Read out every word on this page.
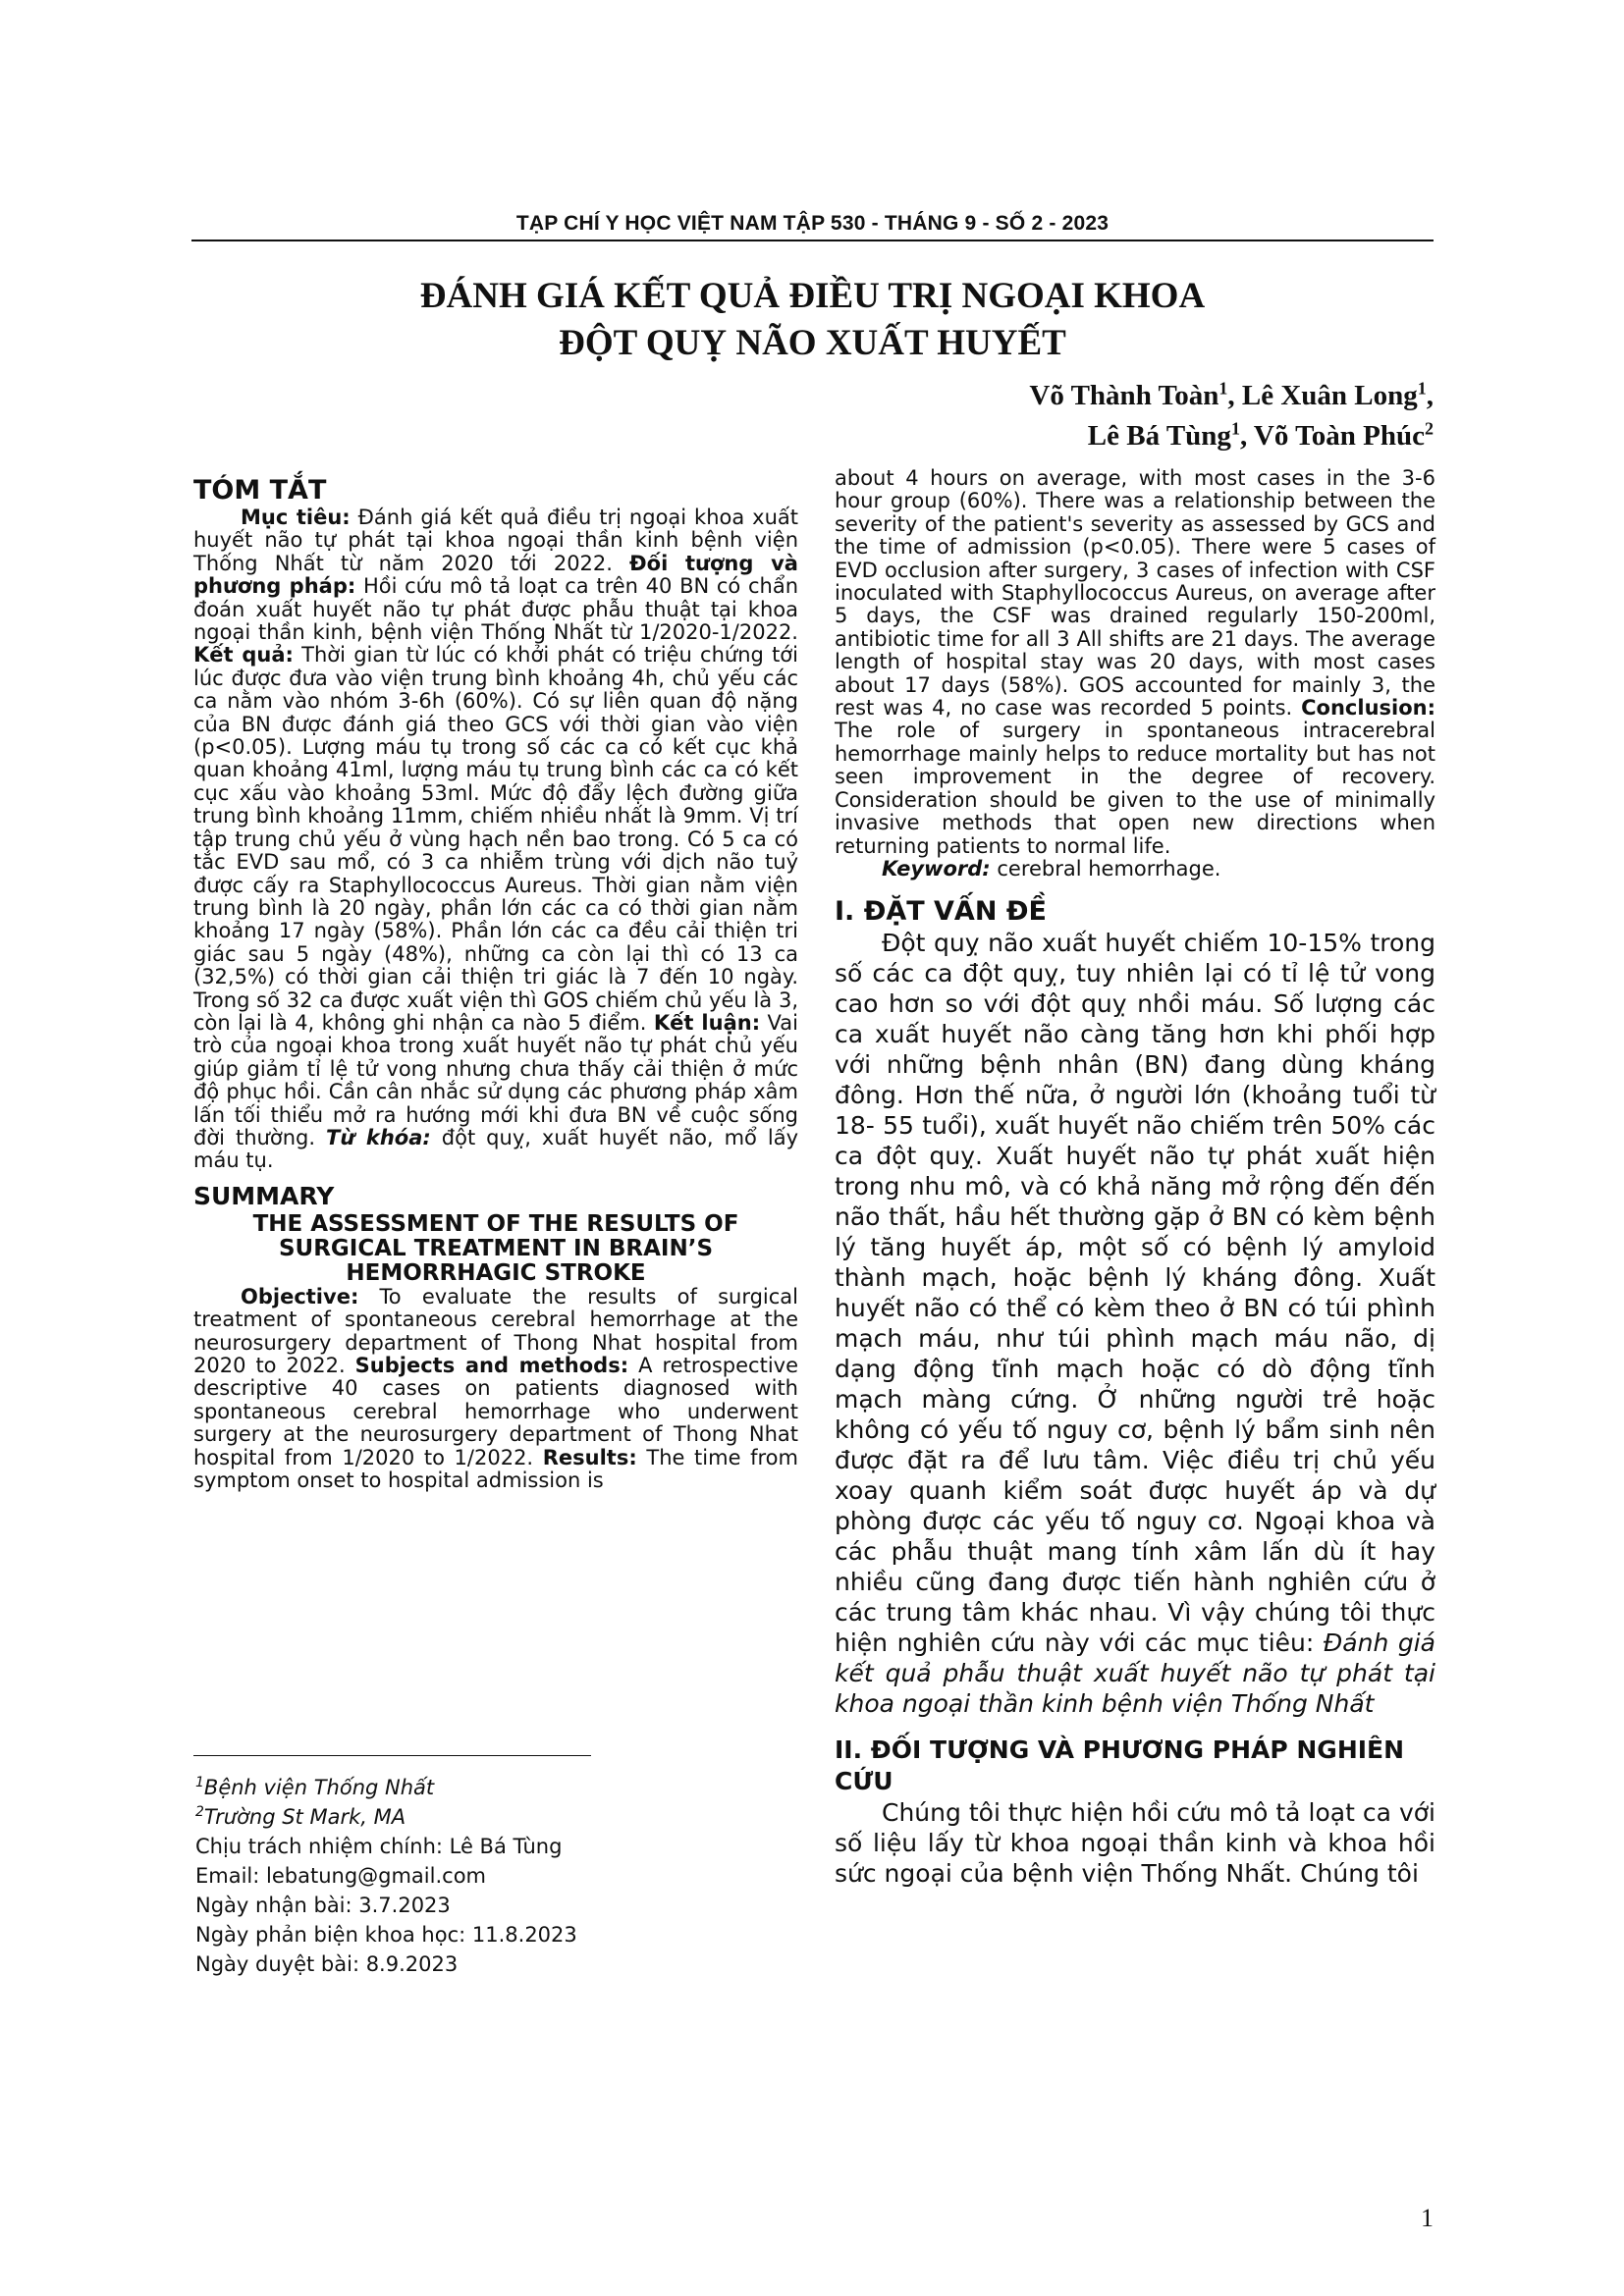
TẠP CHÍ Y HỌC VIỆT NAM TẬP 530 - THÁNG 9 - SỐ 2 - 2023
ĐÁNH GIÁ KẾT QUẢ ĐIỀU TRỊ NGOẠI KHOA
ĐỘT QUỴ NÃO XUẤT HUYẾT
Võ Thành Toàn$^1$, Lê Xuân Long$^1$,
Lê Bá Tùng$^1$, Võ Toàn Phúc$^2$

TÓM TẮT

Mục tiêu: Đánh giá kết quả điều trị ngoại khoa xuất huyết não tự phát tại khoa ngoại thần kinh bệnh viện Thống Nhất từ năm 2020 tới 2022. Đối tượng và phương pháp: Hồi cứu mô tả loạt ca trên 40 BN có chẩn đoán xuất huyết não tự phát được phẫu thuật tại khoa ngoại thần kinh, bệnh viện Thống Nhất từ 1/2020-1/2022. Kết quả: Thời gian từ lúc có khởi phát có triệu chứng tới lúc được đưa vào viện trung bình khoảng 4h, chủ yếu các ca nằm vào nhóm 3-6h (60%). Có sự liên quan độ nặng của BN được đánh giá theo GCS với thời gian vào viện (p<0.05). Lượng máu tụ trong số các ca có kết cục khả quan khoảng 41ml, lượng máu tụ trung bình các ca có kết cục xấu vào khoảng 53ml. Mức độ đẩy lệch đường giữa trung bình khoảng 11mm, chiếm nhiều nhất là 9mm. Vị trí tập trung chủ yếu ở vùng hạch nền bao trong. Có 5 ca có tắc EVD sau mổ, có 3 ca nhiễm trùng với dịch não tuỷ được cấy ra Staphyllococcus Aureus. Thời gian nằm viện trung bình là 20 ngày, phần lớn các ca có thời gian nằm khoảng 17 ngày (58%). Phần lớn các ca đều cải thiện tri giác sau 5 ngày (48%), những ca còn lại thì có 13 ca (32,5%) có thời gian cải thiện tri giác là 7 đến 10 ngày. Trong số 32 ca được xuất viện thì GOS chiếm chủ yếu là 3, còn lại là 4, không ghi nhận ca nào 5 điểm. Kết luận: Vai trò của ngoại khoa trong xuất huyết não tự phát chủ yếu giúp giảm tỉ lệ tử vong nhưng chưa thấy cải thiện ở mức độ phục hồi. Cần cân nhắc sử dụng các phương pháp xâm lấn tối thiểu mở ra hướng mới khi đưa BN về cuộc sống đời thường. Từ khóa: đột quỵ, xuất huyết não, mổ lấy máu tụ.

SUMMARY

THE ASSESSMENT OF THE RESULTS OF SURGICAL TREATMENT IN BRAIN’S HEMORRHAGIC STROKE

Objective: To evaluate the results of surgical treatment of spontaneous cerebral hemorrhage at the neurosurgery department of Thong Nhat hospital from 2020 to 2022. Subjects and methods: A retrospective descriptive 40 cases on patients diagnosed with spontaneous cerebral hemorrhage who underwent surgery at the neurosurgery department of Thong Nhat hospital from 1/2020 to 1/2022. Results: The time from symptom onset to hospital admission is

$^1$Bệnh viện Thống Nhất
$^2$Trường St Mark, MA
Chịu trách nhiệm chính: Lê Bá Tùng
Email: lebatung@gmail.com
Ngày nhận bài: 3.7.2023
Ngày phản biện khoa học: 11.8.2023
Ngày duyệt bài: 8.9.2023

about 4 hours on average, with most cases in the 3-6 hour group (60%). There was a relationship between the severity of the patient's severity as assessed by GCS and the time of admission (p<0.05). There were 5 cases of EVD occlusion after surgery, 3 cases of infection with CSF inoculated with Staphyllococcus Aureus, on average after 5 days, the CSF was drained regularly 150-200ml, antibiotic time for all 3 All shifts are 21 days. The average length of hospital stay was 20 days, with most cases about 17 days (58%). GOS accounted for mainly 3, the rest was 4, no case was recorded 5 points. Conclusion: The role of surgery in spontaneous intracerebral hemorrhage mainly helps to reduce mortality but has not seen improvement in the degree of recovery. Consideration should be given to the use of minimally invasive methods that open new directions when returning patients to normal life.

Keyword: cerebral hemorrhage.

I. ĐẶT VẤN ĐỀ

Đột quỵ não xuất huyết chiếm 10-15% trong số các ca đột quỵ, tuy nhiên lại có tỉ lệ tử vong cao hơn so với đột quỵ nhồi máu. Số lượng các ca xuất huyết não càng tăng hơn khi phối hợp với những bệnh nhân (BN) đang dùng kháng đông. Hơn thế nữa, ở người lớn (khoảng tuổi từ 18- 55 tuổi), xuất huyết não chiếm trên 50% các ca đột quỵ. Xuất huyết não tự phát xuất hiện trong nhu mô, và có khả năng mở rộng đến đến não thất, hầu hết thường gặp ở BN có kèm bệnh lý tăng huyết áp, một số có bệnh lý amyloid thành mạch, hoặc bệnh lý kháng đông. Xuất huyết não có thể có kèm theo ở BN có túi phình mạch máu, như túi phình mạch máu não, dị dạng động tĩnh mạch hoặc có dò động tĩnh mạch màng cứng. Ở những người trẻ hoặc không có yếu tố nguy cơ, bệnh lý bẩm sinh nên được đặt ra để lưu tâm. Việc điều trị chủ yếu xoay quanh kiểm soát được huyết áp và dự phòng được các yếu tố nguy cơ. Ngoại khoa và các phẫu thuật mang tính xâm lấn dù ít hay nhiều cũng đang được tiến hành nghiên cứu ở các trung tâm khác nhau. Vì vậy chúng tôi thực hiện nghiên cứu này với các mục tiêu: Đánh giá kết quả phẫu thuật xuất huyết não tự phát tại khoa ngoại thần kinh bệnh viện Thống Nhất

II. ĐỐI TƯỢNG VÀ PHƯƠNG PHÁP NGHIÊN CỨU

Chúng tôi thực hiện hồi cứu mô tả loạt ca với số liệu lấy từ khoa ngoại thần kinh và khoa hồi sức ngoại của bệnh viện Thống Nhất. Chúng tôi

1
